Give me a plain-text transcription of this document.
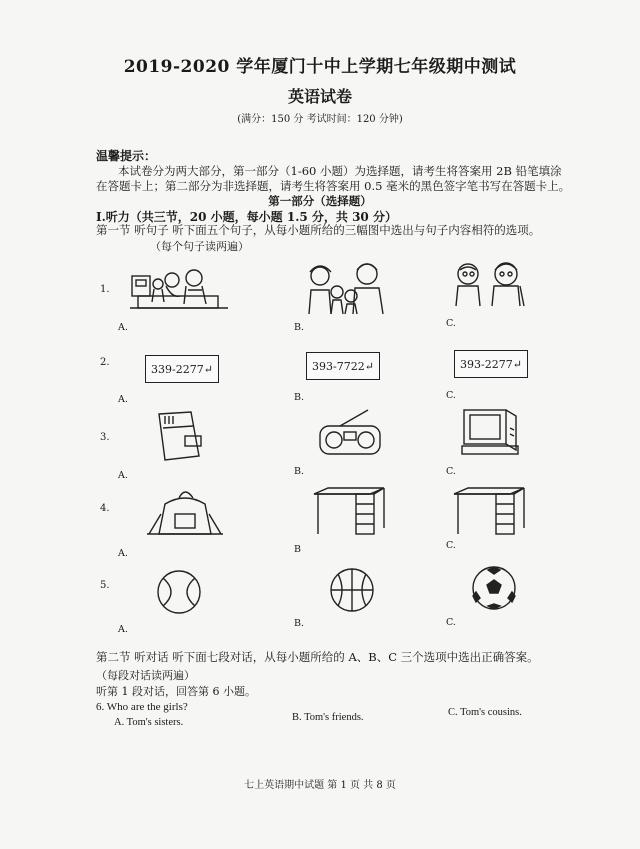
2019-2020 学年厦门十中上学期七年级期中测试
英语试卷
(满分：150 分 考试时间：120 分钟)
温馨提示：
本试卷分为两大部分，第一部分（1-60 小题）为选择题，请考生将答案用 2B 铅笔填涂
在答题卡上；第二部分为非选择题，请考生将答案用 0.5 毫米的黑色签字笔书写在答题卡上。
第一部分（选择题）
I.听力（共三节，20 小题，每小题 1.5 分，共 30 分）
第一节 听句子 听下面五个句子，从每小题所给的三幅图中选出与句子内容相符的选项。
（每个句子读两遍）
1.
A.	B.	C.
2.	339-2277↵
A.
393-7722↵
B.
393-2277↵
C.
3.
A.	B.	C.
4.
A.	B	C.
5.
A.
B.	C.
第二节 听对话 听下面七段对话，从每小题所给的 A、B、C 三个选项中选出正确答案。
（每段对话读两遍）
听第 1 段对话，回答第 6 小题。
6. Who are the girls?
A. Tom's sisters.	B. Tom's friends.	C. Tom's cousins.
七上英语期中试题 第 1 页 共 8 页
